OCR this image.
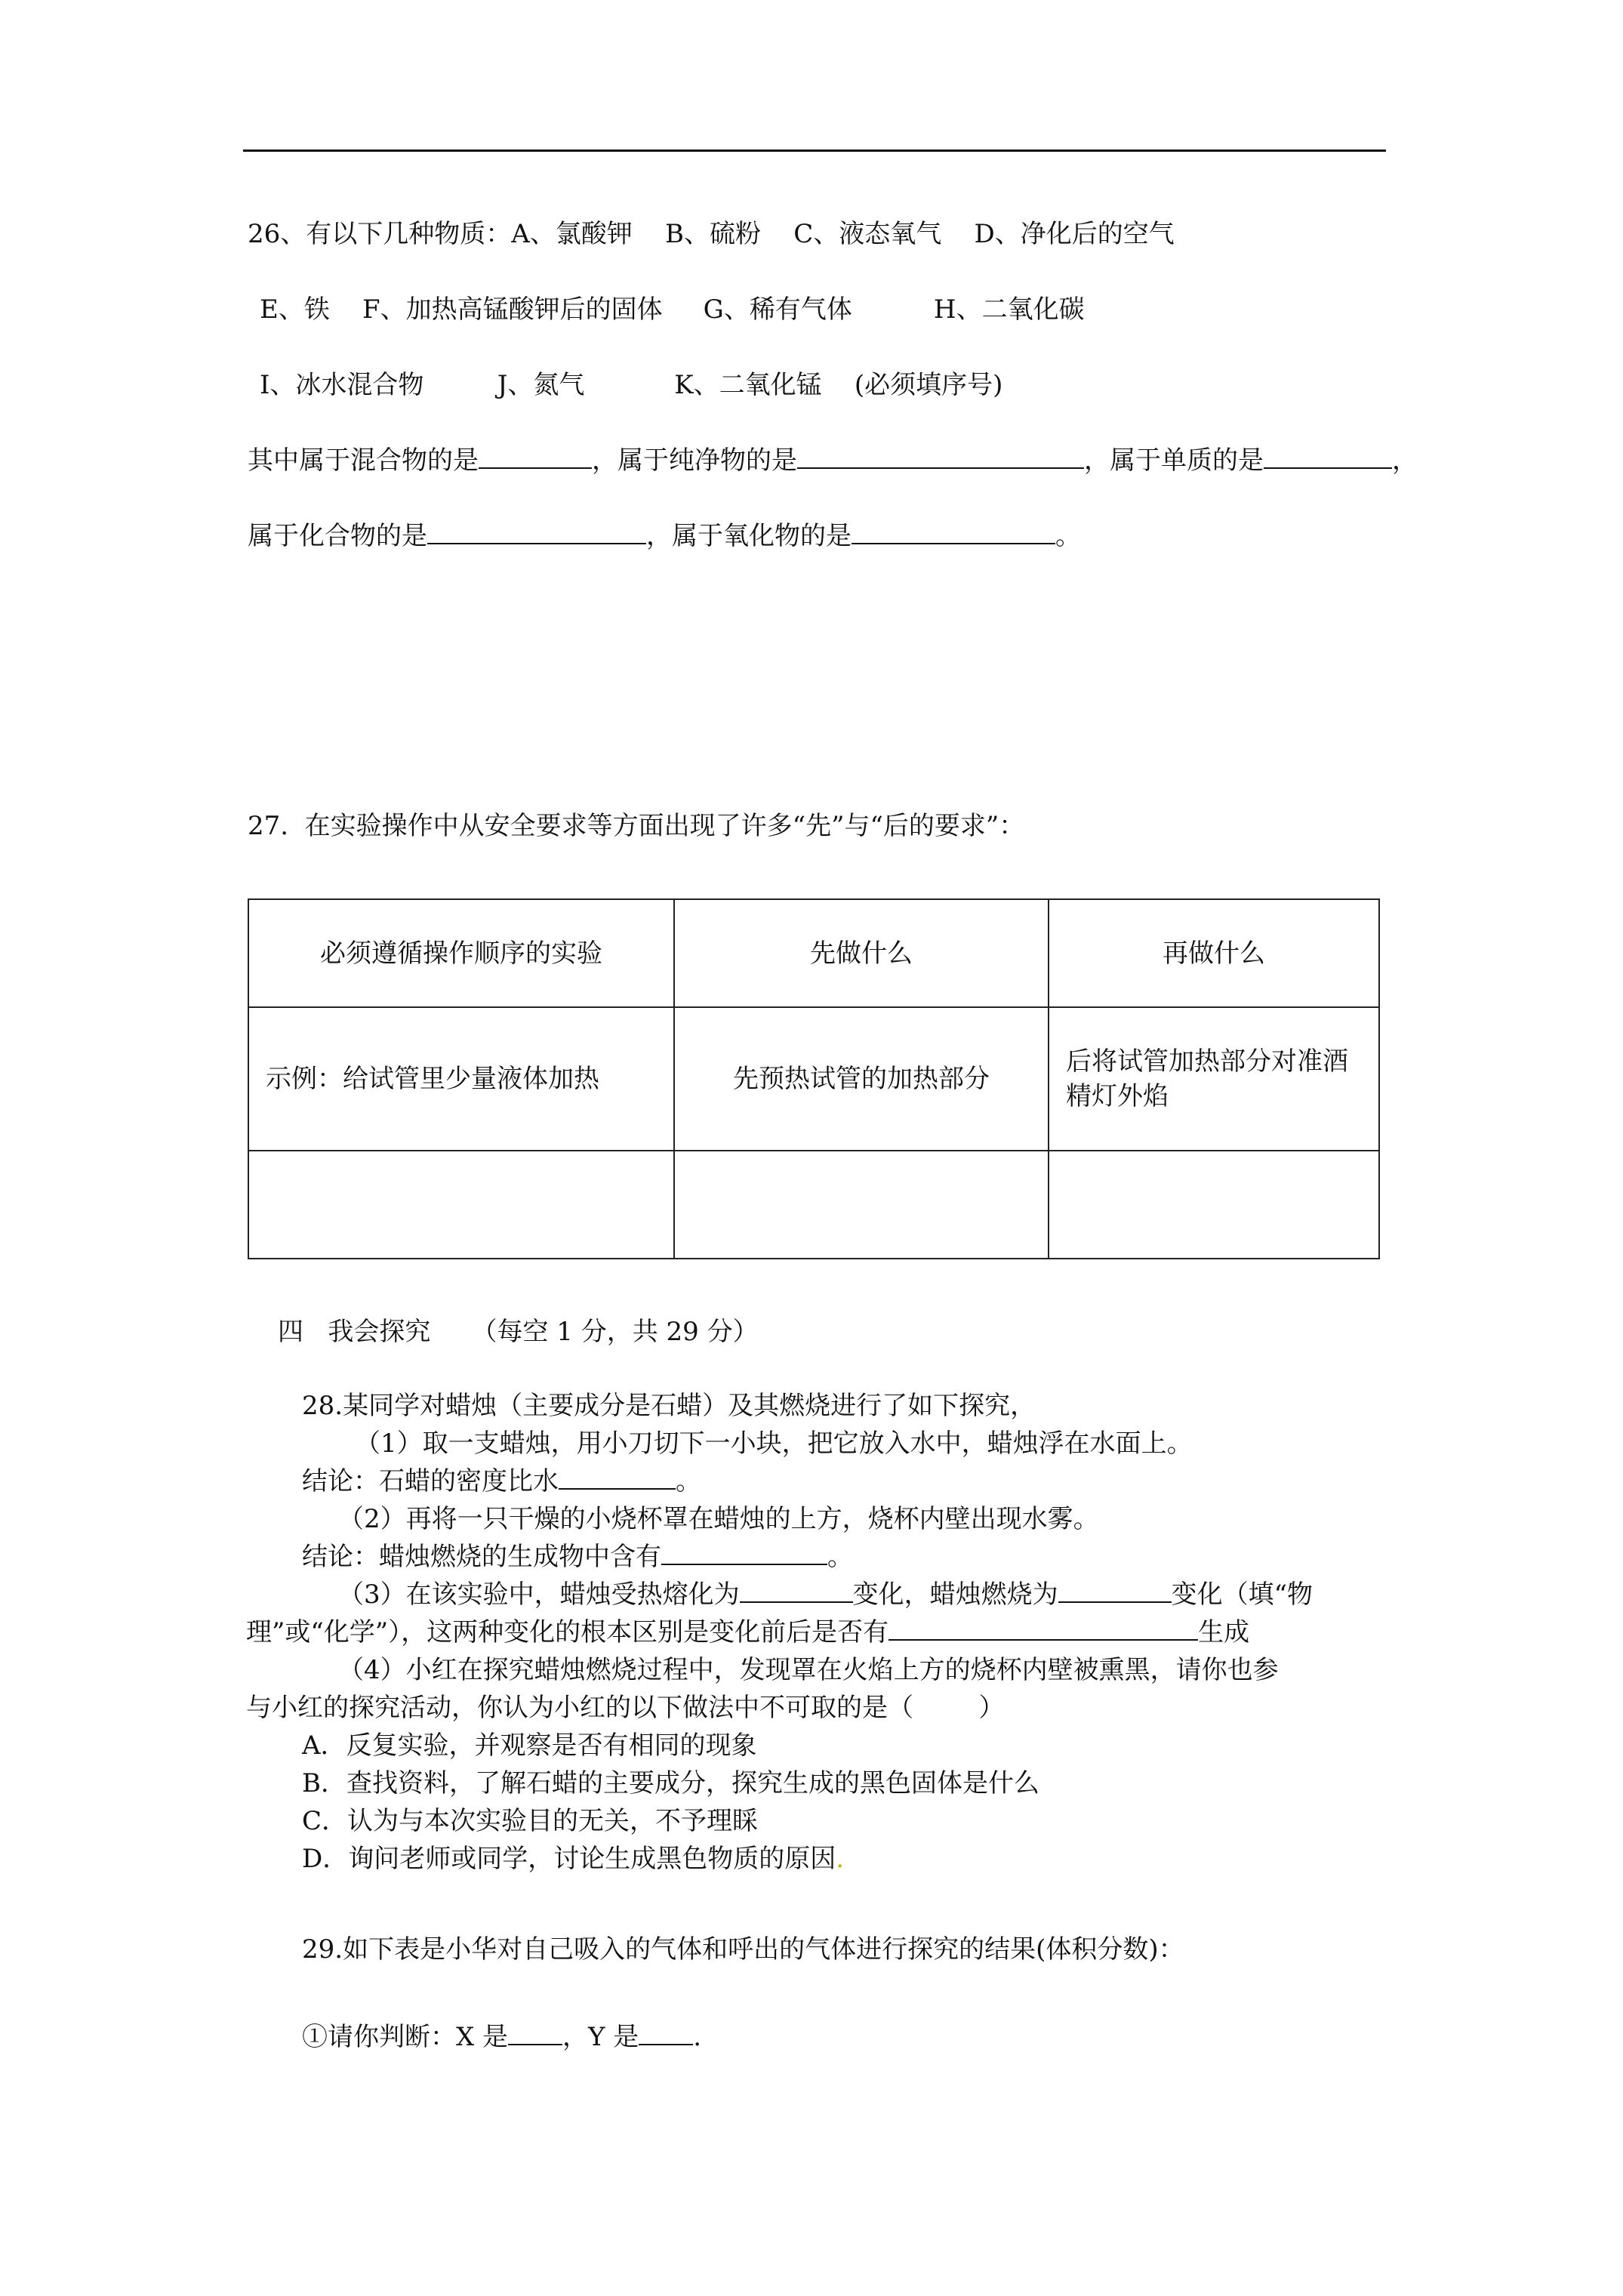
26、有以下几种物质：A、氯酸钾    B、硫粉    C、液态氧气    D、净化后的空气
E、铁    F、加热高锰酸钾后的固体     G、稀有气体          H、二氧化碳
I、冰水混合物         J、氮气           K、二氧化锰    (必须填序号)
其中属于混合物的是	，属于纯净物的是	，属于单质的是	，
属于化合物的是	，属于氧化物的是	。
27.  在实验操作中从安全要求等方面出现了许多“先”与“后的要求”：
必须遵循操作顺序的实验	先做什么	再做什么
示例：给试管里少量液体加热	先预热试管的加热部分	后将试管加热部分对准酒精灯外焰

四   我会探究     （每空 1 分，共 29 分）
28.某同学对蜡烛（主要成分是石蜡）及其燃烧进行了如下探究，
（1）取一支蜡烛，用小刀切下一小块，把它放入水中，蜡烛浮在水面上。
结论：石蜡的密度比水	。
（2）再将一只干燥的小烧杯罩在蜡烛的上方，烧杯内壁出现水雾。
结论：蜡烛燃烧的生成物中含有	。
（3）在该实验中，蜡烛受热熔化为	变化，蜡烛燃烧为	变化（填“物
理”或“化学”），这两种变化的根本区别是变化前后是否有	生成
（4）小红在探究蜡烛燃烧过程中，发现罩在火焰上方的烧杯内壁被熏黑，请你也参
与小红的探究活动，你认为小红的以下做法中不可取的是（        ）
A．反复实验，并观察是否有相同的现象
B．查找资料，了解石蜡的主要成分，探究生成的黑色固体是什么
C．认为与本次实验目的无关，不予理睬
D．询问老师或同学，讨论生成黑色物质的原因.
29.如下表是小华对自己吸入的气体和呼出的气体进行探究的结果(体积分数)：
①请你判断：X 是 ，Y 是 .
